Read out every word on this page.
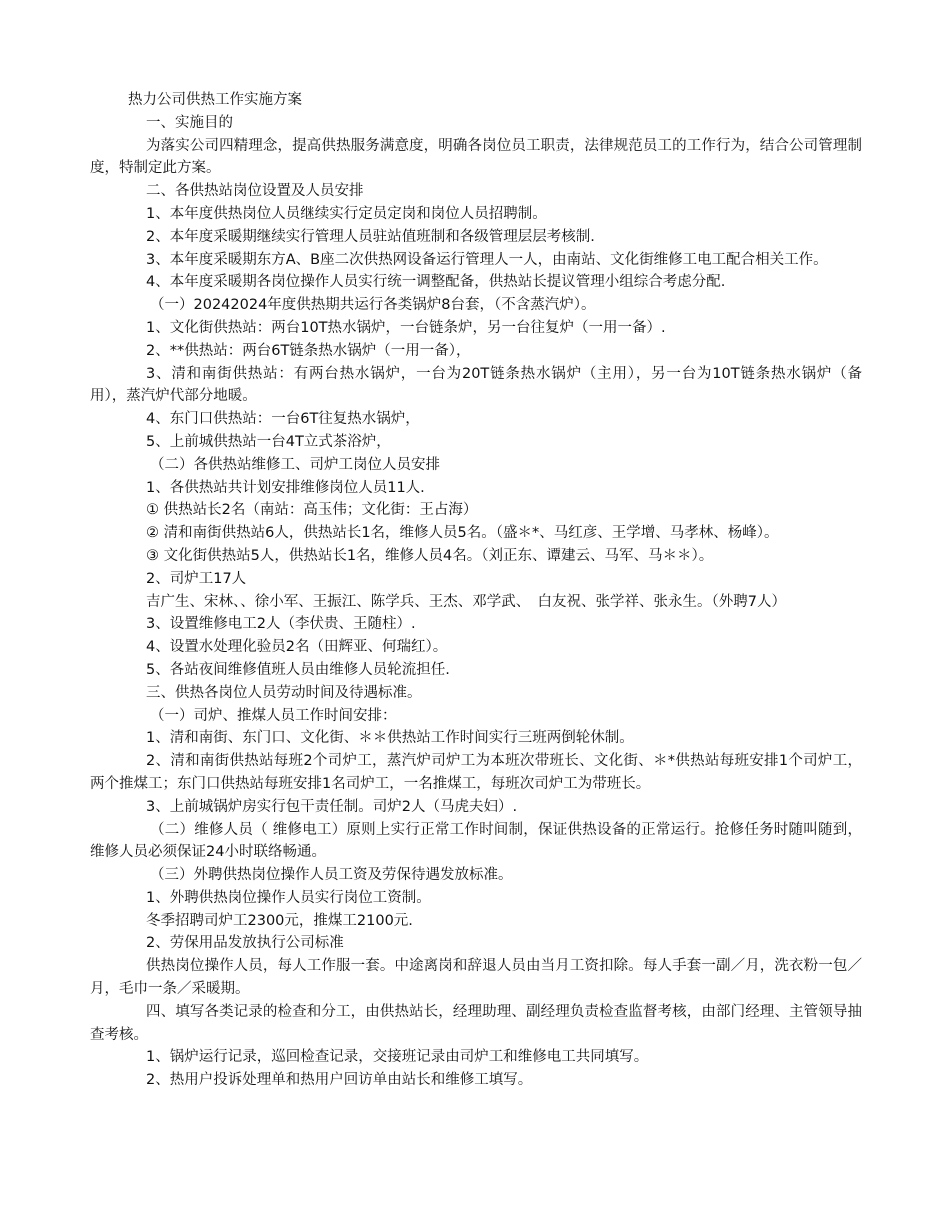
热力公司供热工作实施方案

一、实施目的

为落实公司四精理念，提高供热服务满意度，明确各岗位员工职责，法律规范员工的工作行为，结合公司管理制度，特制定此方案。

二、各供热站岗位设置及人员安排

1、本年度供热岗位人员继续实行定员定岗和岗位人员招聘制。

2、本年度采暖期继续实行管理人员驻站值班制和各级管理层层考核制.

3、本年度采暖期东方A、B座二次供热网设备运行管理人一人，由南站、文化街维修工电工配合相关工作。

4、本年度采暖期各岗位操作人员实行统一调整配备，供热站长提议管理小组综合考虑分配.

（一）20242024年度供热期共运行各类锅炉8台套，（不含蒸汽炉）。

1、文化街供热站：两台10T热水锅炉，一台链条炉，另一台往复炉（一用一备）.

2、**供热站：两台6T链条热水锅炉（一用一备），

3、清和南街供热站：有两台热水锅炉，一台为20T链条热水锅炉（主用），另一台为10T链条热水锅炉（备用），蒸汽炉代部分地暖。

4、东门口供热站：一台6T往复热水锅炉，

5、上前城供热站一台4T立式茶浴炉，

（二）各供热站维修工、司炉工岗位人员安排

1、各供热站共计划安排维修岗位人员11人.

① 供热站长2名（南站：高玉伟；文化街：王占海）

② 清和南街供热站6人，供热站长1名，维修人员5名。（盛＊*、马红彦、王学增、马孝林、杨峰）。

③ 文化街供热站5人，供热站长1名，维修人员4名。（刘正东、谭建云、马军、马＊＊）。

2、司炉工17人

吉广生、宋林、、徐小军、王振江、陈学兵、王杰、邓学武、　白友祝、张学祥、张永生。（外聘7人）

3、设置维修电工2人（李伏贵、王随柱）.

4、设置水处理化验员2名（田辉亚、何瑞红）。

5、各站夜间维修值班人员由维修人员轮流担任.

三、供热各岗位人员劳动时间及待遇标准。

（一）司炉、推煤人员工作时间安排：

1、清和南街、东门口、文化街、＊＊供热站工作时间实行三班两倒轮休制。

2、清和南街供热站每班2个司炉工，蒸汽炉司炉工为本班次带班长、文化街、＊*供热站每班安排1个司炉工，两个推煤工；东门口供热站每班安排1名司炉工，一名推煤工，每班次司炉工为带班长。

3、上前城锅炉房实行包干责任制。司炉2人（马虎夫妇）.

（二）维修人员（ 维修电工）原则上实行正常工作时间制，保证供热设备的正常运行。抢修任务时随叫随到，维修人员必须保证24小时联络畅通。

（三）外聘供热岗位操作人员工资及劳保待遇发放标准。

1、外聘供热岗位操作人员实行岗位工资制。

冬季招聘司炉工2300元，推煤工2100元.

2、劳保用品发放执行公司标准

供热岗位操作人员，每人工作服一套。中途离岗和辞退人员由当月工资扣除。每人手套一副／月，洗衣粉一包／月，毛巾一条／采暖期。

四、填写各类记录的检查和分工，由供热站长，经理助理、副经理负责检查监督考核，由部门经理、主管领导抽查考核。

1、锅炉运行记录，巡回检查记录，交接班记录由司炉工和维修电工共同填写。

2、热用户投诉处理单和热用户回访单由站长和维修工填写。
